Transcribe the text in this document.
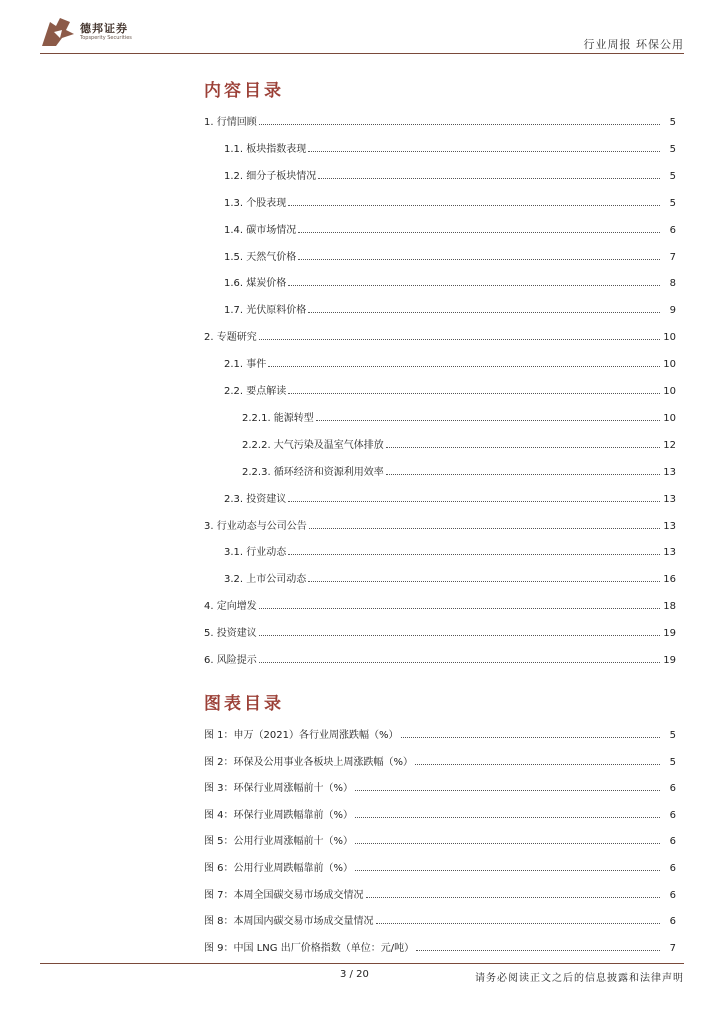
德邦证券
Topsperity Securities	行业周报 环保公用
内容目录
1. 行情回顾	5
1.1. 板块指数表现	5
1.2. 细分子板块情况	5
1.3. 个股表现	5
1.4. 碳市场情况	6
1.5. 天然气价格	7
1.6. 煤炭价格	8
1.7. 光伏原料价格	9
2. 专题研究	10
2.1. 事件	10
2.2. 要点解读	10
2.2.1. 能源转型	10
2.2.2. 大气污染及温室气体排放	12
2.2.3. 循环经济和资源利用效率	13
2.3. 投资建议	13
3. 行业动态与公司公告	13
3.1. 行业动态	13
3.2. 上市公司动态	16
4. 定向增发	18
5. 投资建议	19
6. 风险提示	19
图表目录
图 1：申万（2021）各行业周涨跌幅（%）	5
图 2：环保及公用事业各板块上周涨跌幅（%）	5
图 3：环保行业周涨幅前十（%）	6
图 4：环保行业周跌幅靠前（%）	6
图 5：公用行业周涨幅前十（%）	6
图 6：公用行业周跌幅靠前（%）	6
图 7：本周全国碳交易市场成交情况	6
图 8：本周国内碳交易市场成交量情况	6
图 9：中国 LNG 出厂价格指数（单位：元/吨）	7
3 / 20	请务必阅读正文之后的信息披露和法律声明
